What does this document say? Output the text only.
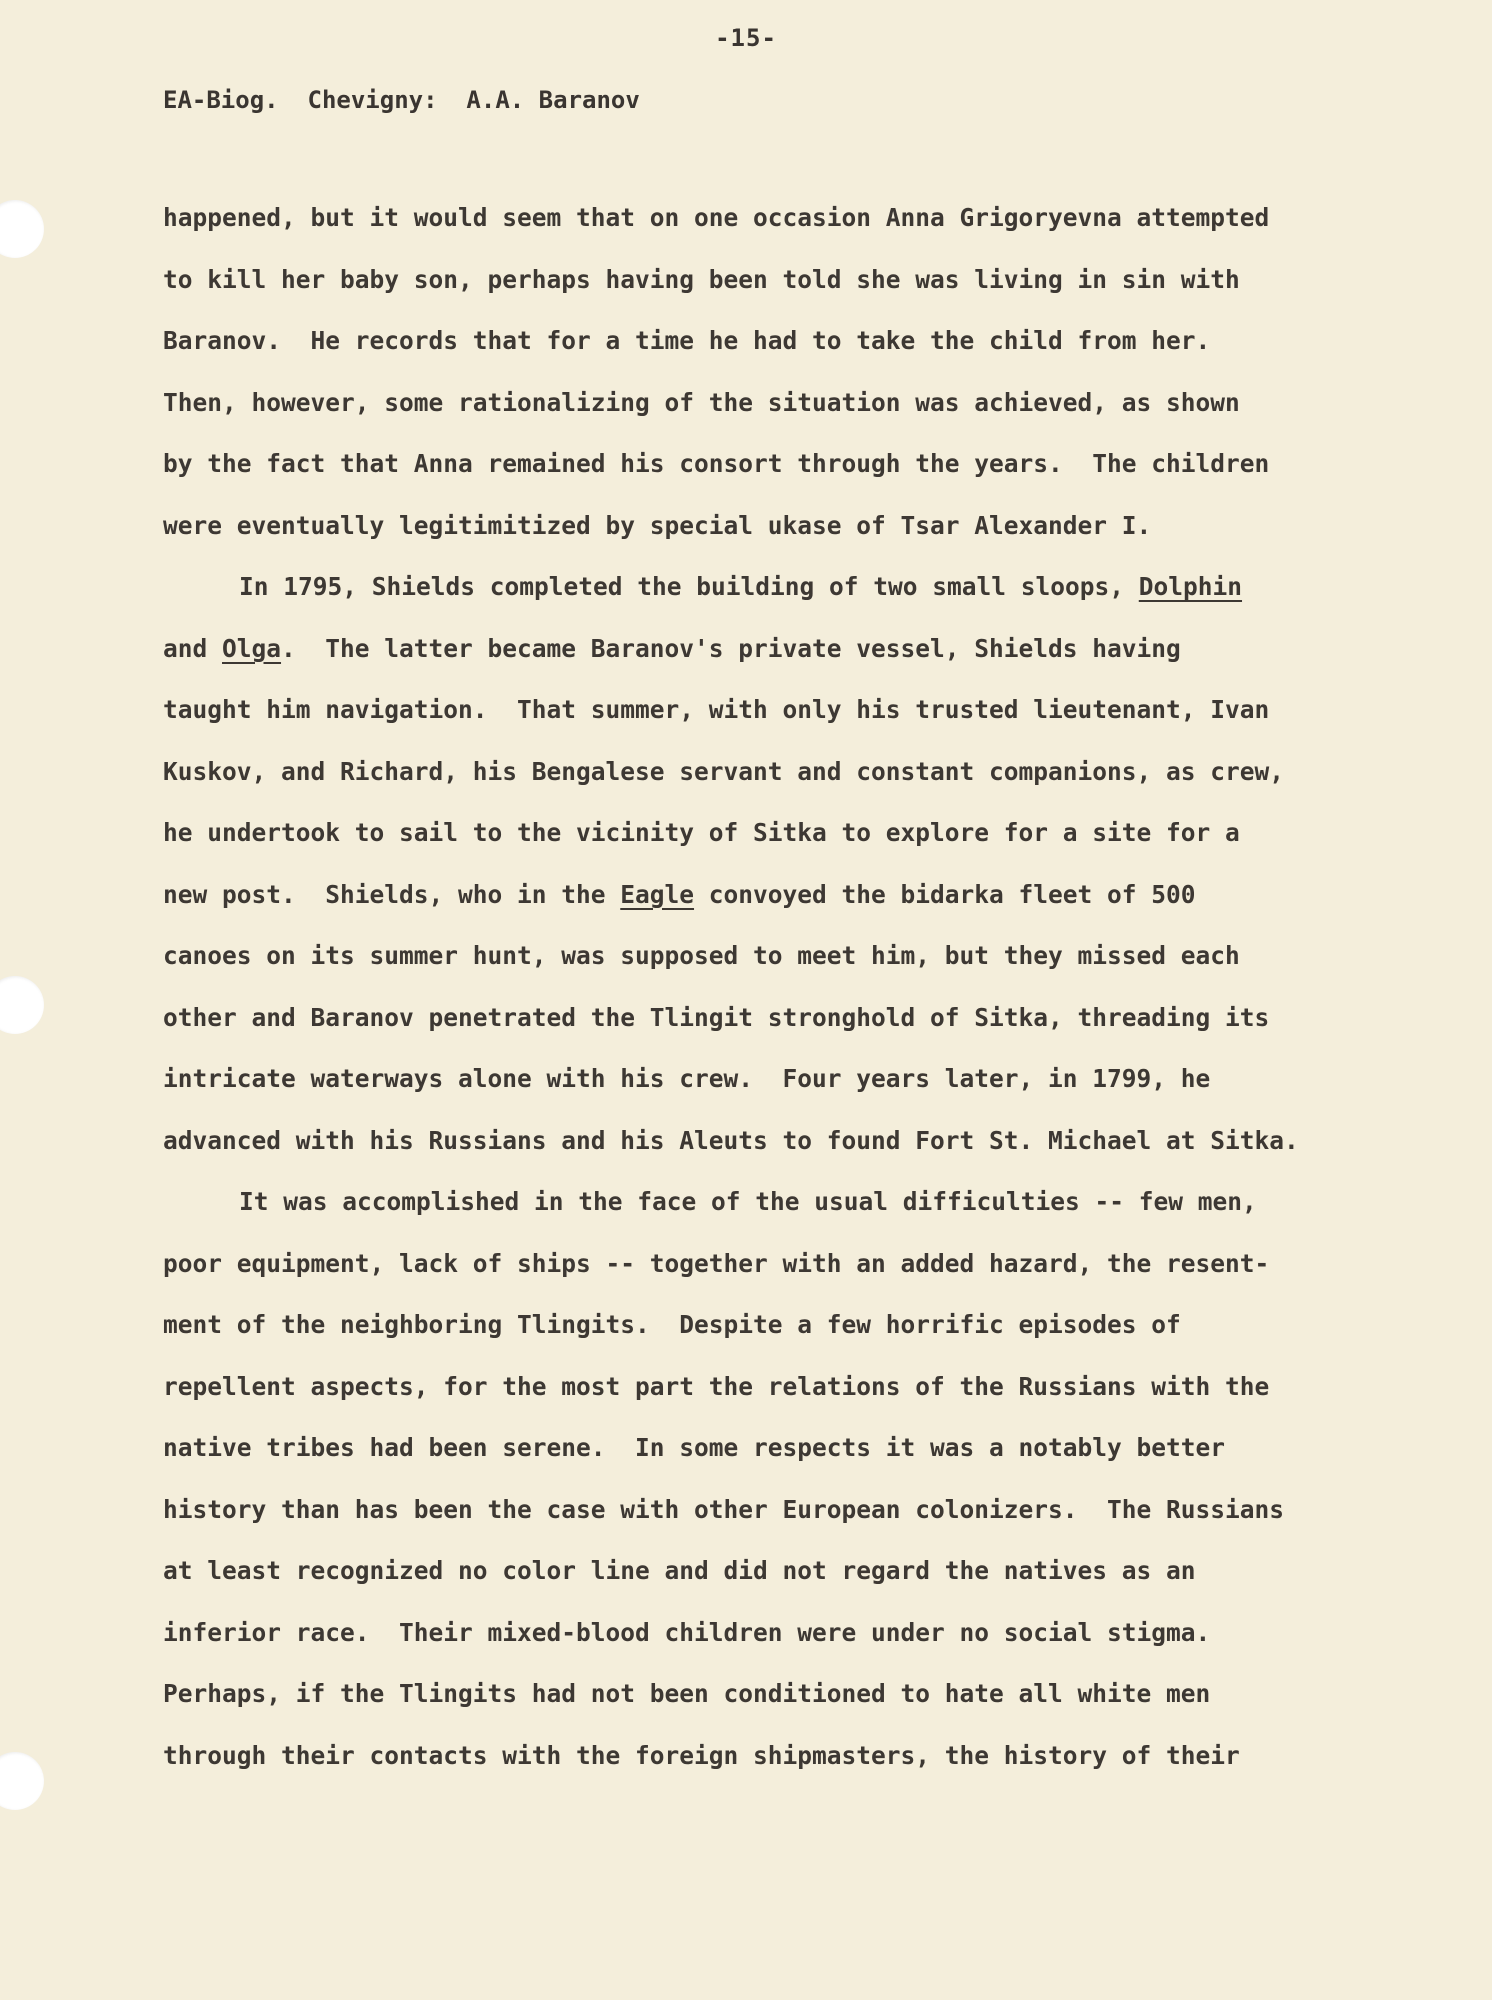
-15-
EA-Biog.  Chevigny:  A.A. Baranov
happened, but it would seem that on one occasion Anna Grigoryevna attempted
to kill her baby son, perhaps having been told she was living in sin with
Baranov.  He records that for a time he had to take the child from her.
Then, however, some rationalizing of the situation was achieved, as shown
by the fact that Anna remained his consort through the years.  The children
were eventually legitimitized by special ukase of Tsar Alexander I.
In 1795, Shields completed the building of two small sloops, Dolphin
and Olga.  The latter became Baranov's private vessel, Shields having
taught him navigation.  That summer, with only his trusted lieutenant, Ivan
Kuskov, and Richard, his Bengalese servant and constant companions, as crew,
he undertook to sail to the vicinity of Sitka to explore for a site for a
new post.  Shields, who in the Eagle convoyed the bidarka fleet of 500
canoes on its summer hunt, was supposed to meet him, but they missed each
other and Baranov penetrated the Tlingit stronghold of Sitka, threading its
intricate waterways alone with his crew.  Four years later, in 1799, he
advanced with his Russians and his Aleuts to found Fort St. Michael at Sitka.
It was accomplished in the face of the usual difficulties -- few men,
poor equipment, lack of ships -- together with an added hazard, the resent-
ment of the neighboring Tlingits.  Despite a few horrific episodes of
repellent aspects, for the most part the relations of the Russians with the
native tribes had been serene.  In some respects it was a notably better
history than has been the case with other European colonizers.  The Russians
at least recognized no color line and did not regard the natives as an
inferior race.  Their mixed-blood children were under no social stigma.
Perhaps, if the Tlingits had not been conditioned to hate all white men
through their contacts with the foreign shipmasters, the history of their
